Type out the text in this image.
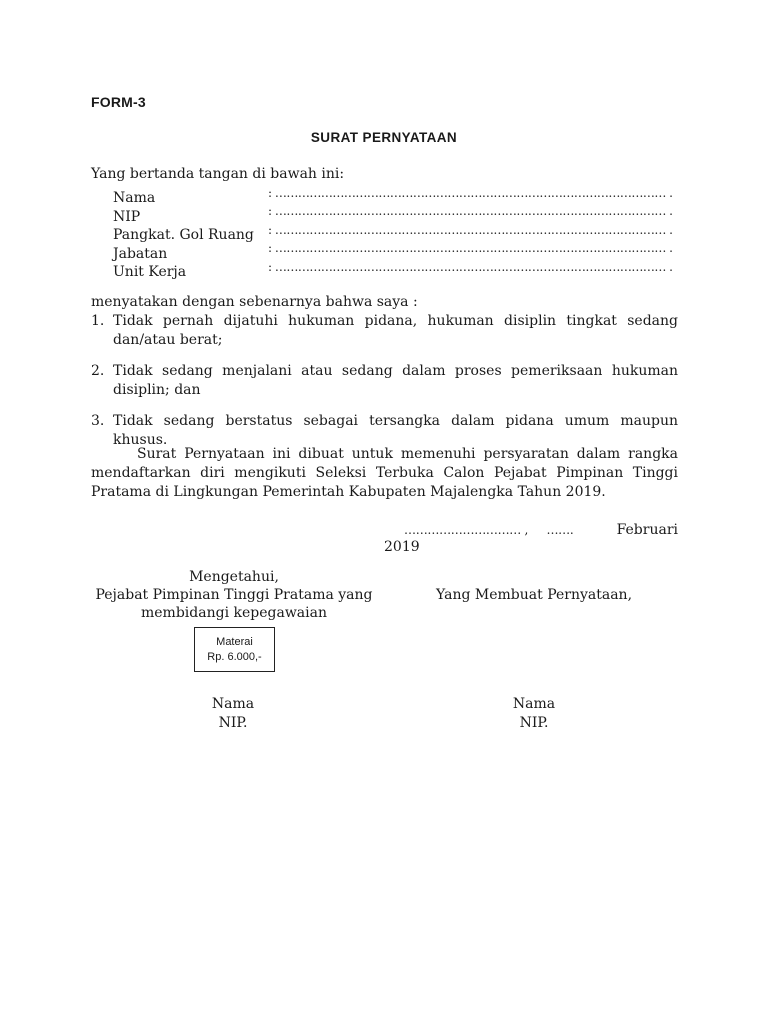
FORM-3
SURAT PERNYATAAN
Yang bertanda tangan di bawah ini:
Nama	: ………………………………………………………………………………………… .
NIP	: ………………………………………………………………………………………… .
Pangkat. Gol Ruang : ………………………………………………………………………………………… .
Jabatan	: ………………………………………………………………………………………… .
Unit Kerja	: ………………………………………………………………………………………… .
menyatakan dengan sebenarnya bahwa saya :
1. Tidak pernah dijatuhi hukuman pidana, hukuman disiplin tingkat sedang dan/atau berat;
2. Tidak sedang menjalani atau sedang dalam proses pemeriksaan hukuman disiplin; dan
3. Tidak sedang berstatus sebagai tersangka dalam pidana umum maupun khusus.
Surat Pernyataan ini dibuat untuk memenuhi persyaratan dalam rangka mendaftarkan diri mengikuti Seleksi Terbuka Calon Pejabat Pimpinan Tinggi Pratama di Lingkungan Pemerintah Kabupaten Majalengka Tahun 2019.
………………………… , …….	Februari
2019
Mengetahui,
Pejabat Pimpinan Tinggi Pratama yang
membidangi kepegawaian
Yang Membuat Pernyataan,
Materai
Rp. 6.000,-
Nama
NIP.
Nama
NIP.
